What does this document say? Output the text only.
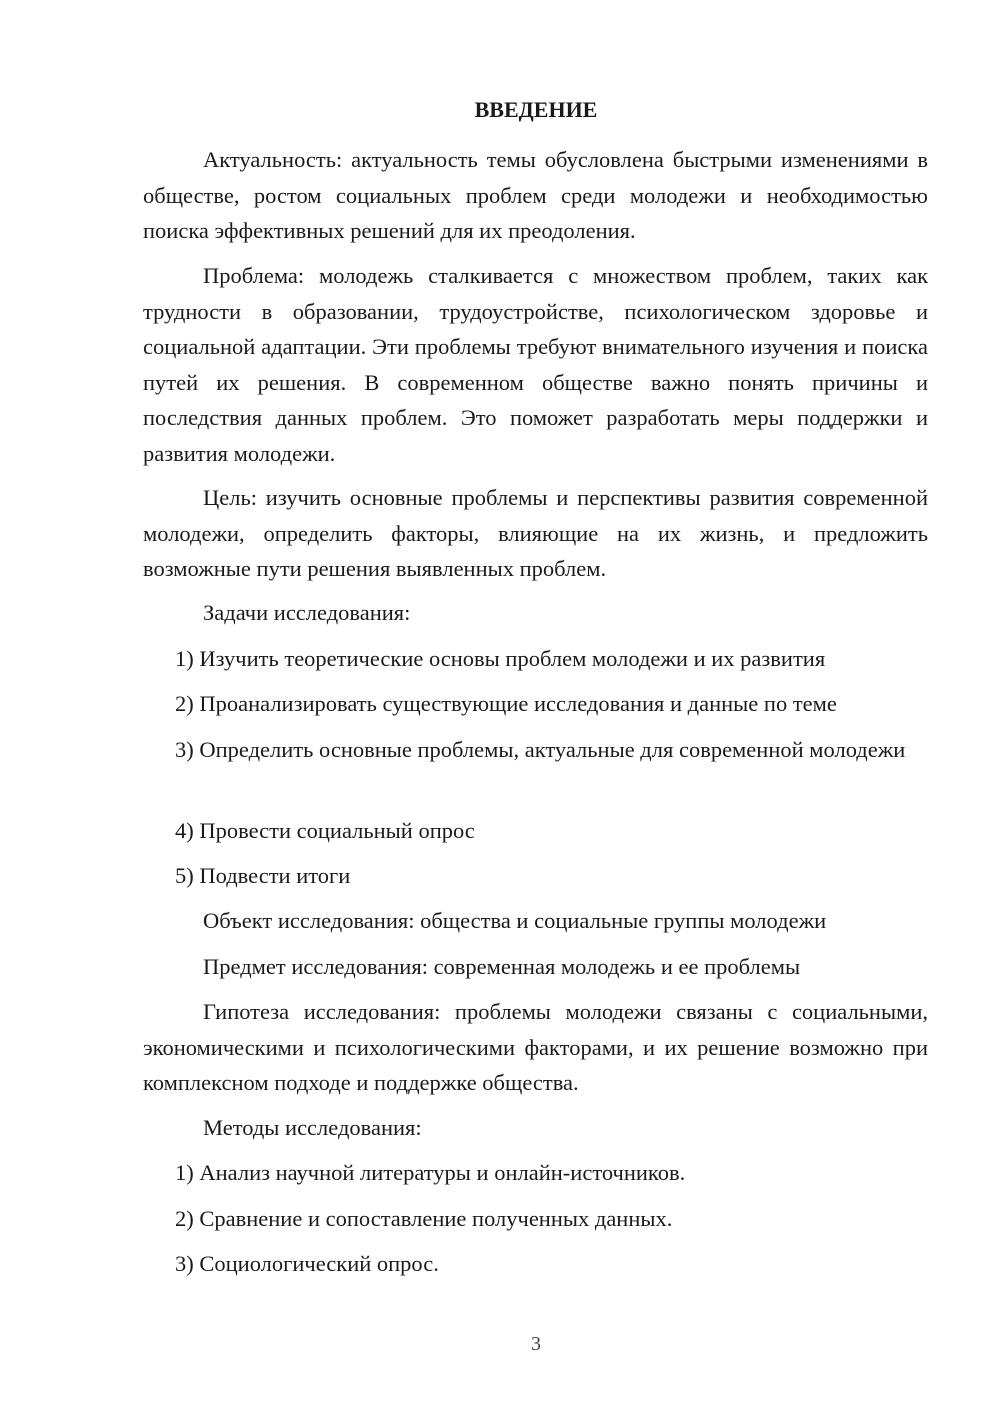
ВВЕДЕНИЕ

Актуальность: актуальность темы обусловлена быстрыми изменениями в обществе, ростом социальных проблем среди молодежи и необходимостью поиска эффективных решений для их преодоления.

Проблема: молодежь сталкивается с множеством проблем, таких как трудности в образовании, трудоустройстве, психологическом здоровье и социальной адаптации. Эти проблемы требуют внимательного изучения и поиска путей их решения. В современном обществе важно понять причины и последствия данных проблем. Это поможет разработать меры поддержки и развития молодежи.

Цель: изучить основные проблемы и перспективы развития современной молодежи, определить факторы, влияющие на их жизнь, и предложить возможные пути решения выявленных проблем.

Задачи исследования:

1) Изучить теоретические основы проблем молодежи и их развития

2) Проанализировать существующие исследования и данные по теме

3) Определить основные проблемы, актуальные для современной молодежи

4) Провести социальный опрос

5) Подвести итоги

Объект исследования: общества и социальные группы молодежи

Предмет исследования: современная молодежь и ее проблемы

Гипотеза исследования: проблемы молодежи связаны с социальными, экономическими и психологическими факторами, и их решение возможно при комплексном подходе и поддержке общества.

Методы исследования:

1) Анализ научной литературы и онлайн-источников.

2) Сравнение и сопоставление полученных данных.

3) Социологический опрос.

3
